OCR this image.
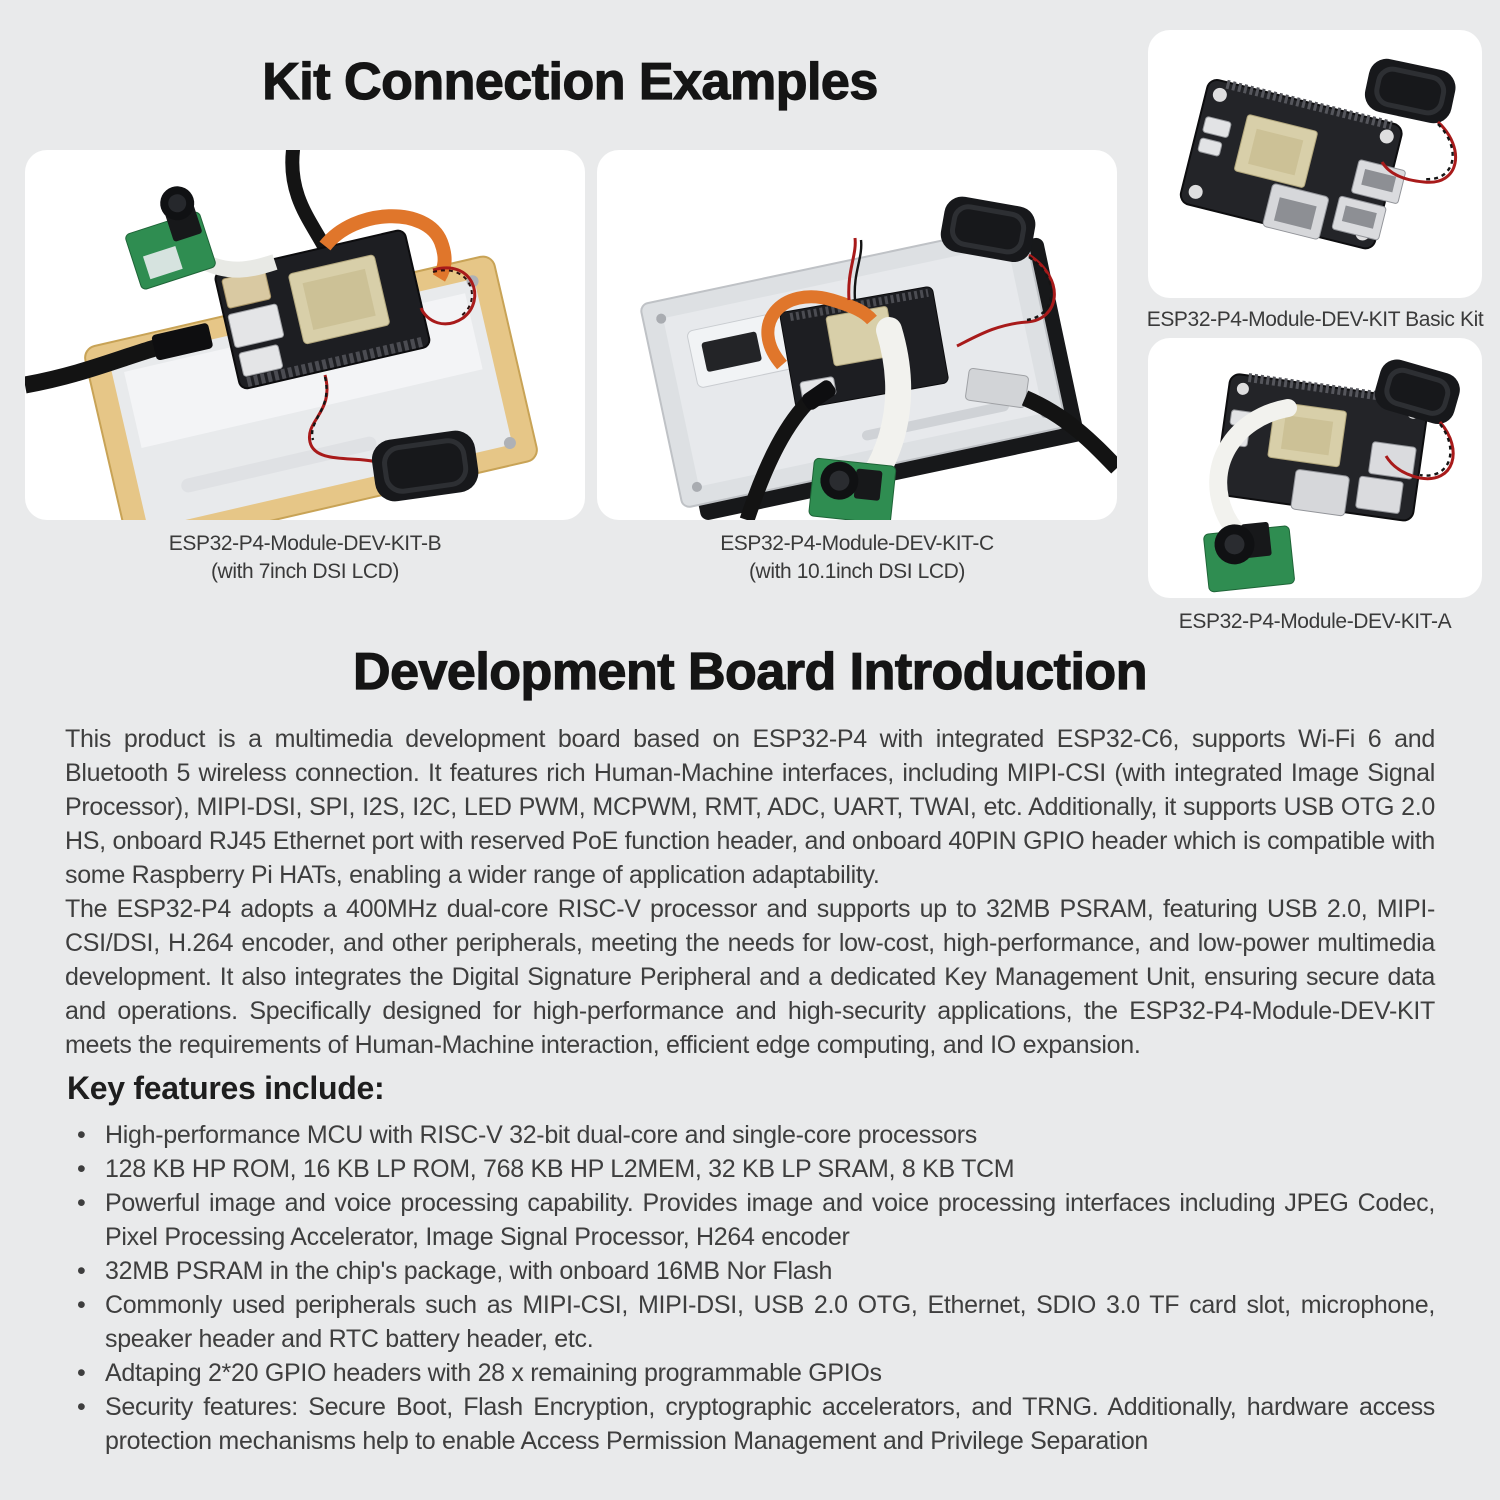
Kit Connection Examples
ESP32-P4-Module-DEV-KIT-B
(with 7inch DSI LCD)
ESP32-P4-Module-DEV-KIT-C
(with 10.1inch DSI LCD)
ESP32-P4-Module-DEV-KIT Basic Kit
ESP32-P4-Module-DEV-KIT-A
Development Board Introduction

This product is a multimedia development board based on ESP32-P4 with integrated ESP32-C6, supports Wi-Fi 6 and Bluetooth 5 wireless connection. It features rich Human-Machine interfaces, including MIPI-CSI (with integrated Image Signal Processor), MIPI-DSI, SPI, I2S, I2C, LED PWM, MCPWM, RMT, ADC, UART, TWAI, etc. Additionally, it supports USB OTG 2.0 HS, onboard RJ45 Ethernet port with reserved PoE function header, and onboard 40PIN GPIO header which is compatible with some Raspberry Pi HATs, enabling a wider range of application adaptability.

The ESP32-P4 adopts a 400MHz dual-core RISC-V processor and supports up to 32MB PSRAM, featuring USB 2.0, MIPI-CSI/DSI, H.264 encoder, and other peripherals, meeting the needs for low-cost, high-performance, and low-power multimedia development. It also integrates the Digital Signature Peripheral and a dedicated Key Management Unit, ensuring secure data and operations. Specifically designed for high-performance and high-security applications, the ESP32-P4-Module-DEV-KIT meets the requirements of Human-Machine interaction, efficient edge computing, and IO expansion.

Key features include:
• High-performance MCU with RISC-V 32-bit dual-core and single-core processors
• 128 KB HP ROM, 16 KB LP ROM, 768 KB HP L2MEM, 32 KB LP SRAM, 8 KB TCM
• Powerful image and voice processing capability. Provides image and voice processing interfaces including JPEG Codec, Pixel Processing Accelerator, Image Signal Processor, H264 encoder
• 32MB PSRAM in the chip's package, with onboard 16MB Nor Flash
• Commonly used peripherals such as MIPI-CSI, MIPI-DSI, USB 2.0 OTG, Ethernet, SDIO 3.0 TF card slot, microphone, speaker header and RTC battery header, etc.
• Adtaping 2*20 GPIO headers with 28 x remaining programmable GPIOs
• Security features: Secure Boot, Flash Encryption, cryptographic accelerators, and TRNG. Additionally, hardware access protection mechanisms help to enable Access Permission Management and Privilege Separation
